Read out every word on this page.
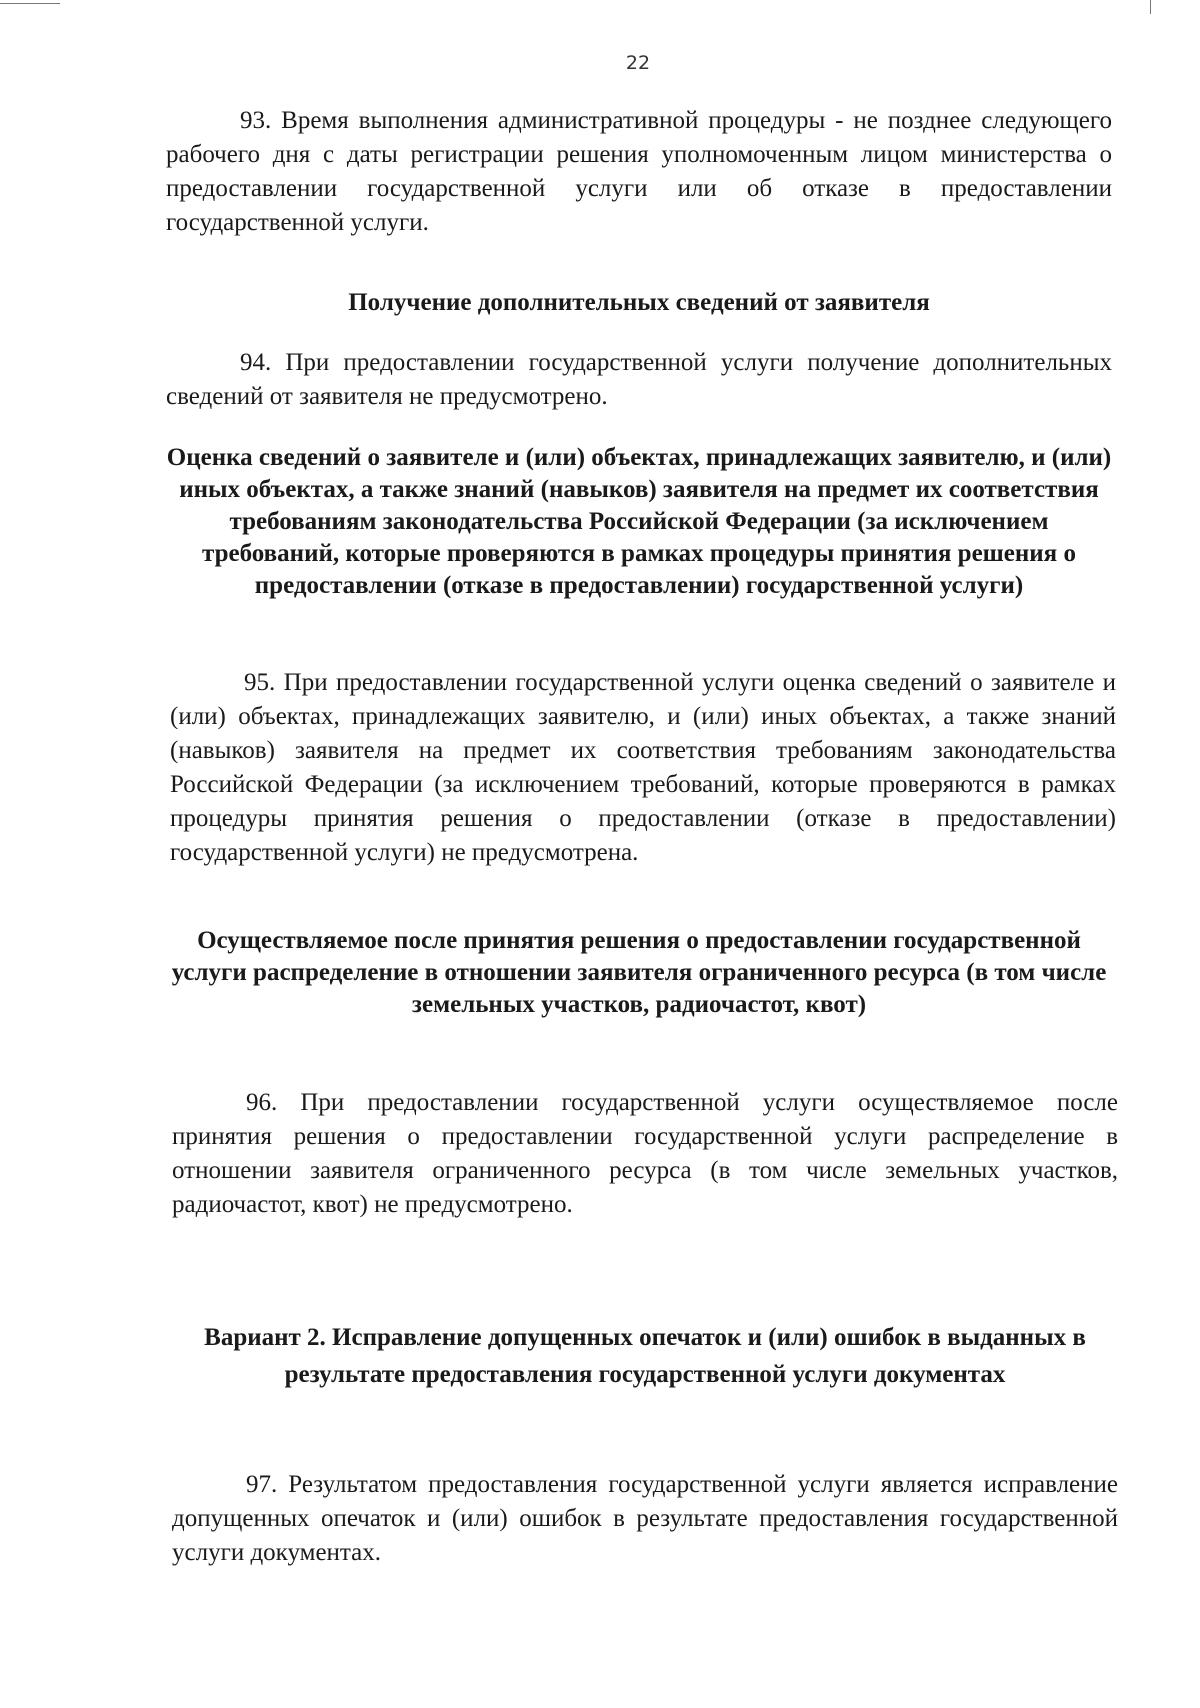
22
93. Время выполнения административной процедуры - не позднее следующего рабочего дня с даты регистрации решения уполномоченным лицом министерства о предоставлении государственной услуги или об отказе в предоставлении государственной услуги.
Получение дополнительных сведений от заявителя
94. При предоставлении государственной услуги получение дополнительных сведений от заявителя не предусмотрено.
Оценка сведений о заявителе и (или) объектах, принадлежащих заявителю, и (или) иных объектах, а также знаний (навыков) заявителя на предмет их соответствия требованиям законодательства Российской Федерации (за исключением требований, которые проверяются в рамках процедуры принятия решения о предоставлении (отказе в предоставлении) государственной услуги)
95. При предоставлении государственной услуги оценка сведений о заявителе и (или) объектах, принадлежащих заявителю, и (или) иных объектах, а также знаний (навыков) заявителя на предмет их соответствия требованиям законодательства Российской Федерации (за исключением требований, которые проверяются в рамках процедуры принятия решения о предоставлении (отказе в предоставлении) государственной услуги) не предусмотрена.
Осуществляемое после принятия решения о предоставлении государственной услуги распределение в отношении заявителя ограниченного ресурса (в том числе земельных участков, радиочастот, квот)
96. При предоставлении государственной услуги осуществляемое после принятия решения о предоставлении государственной услуги распределение в отношении заявителя ограниченного ресурса (в том числе земельных участков, радиочастот, квот) не предусмотрено.
Вариант 2. Исправление допущенных опечаток и (или) ошибок в выданных в результате предоставления государственной услуги документах
97. Результатом предоставления государственной услуги является исправление допущенных опечаток и (или) ошибок в результате предоставления государственной услуги документах.
